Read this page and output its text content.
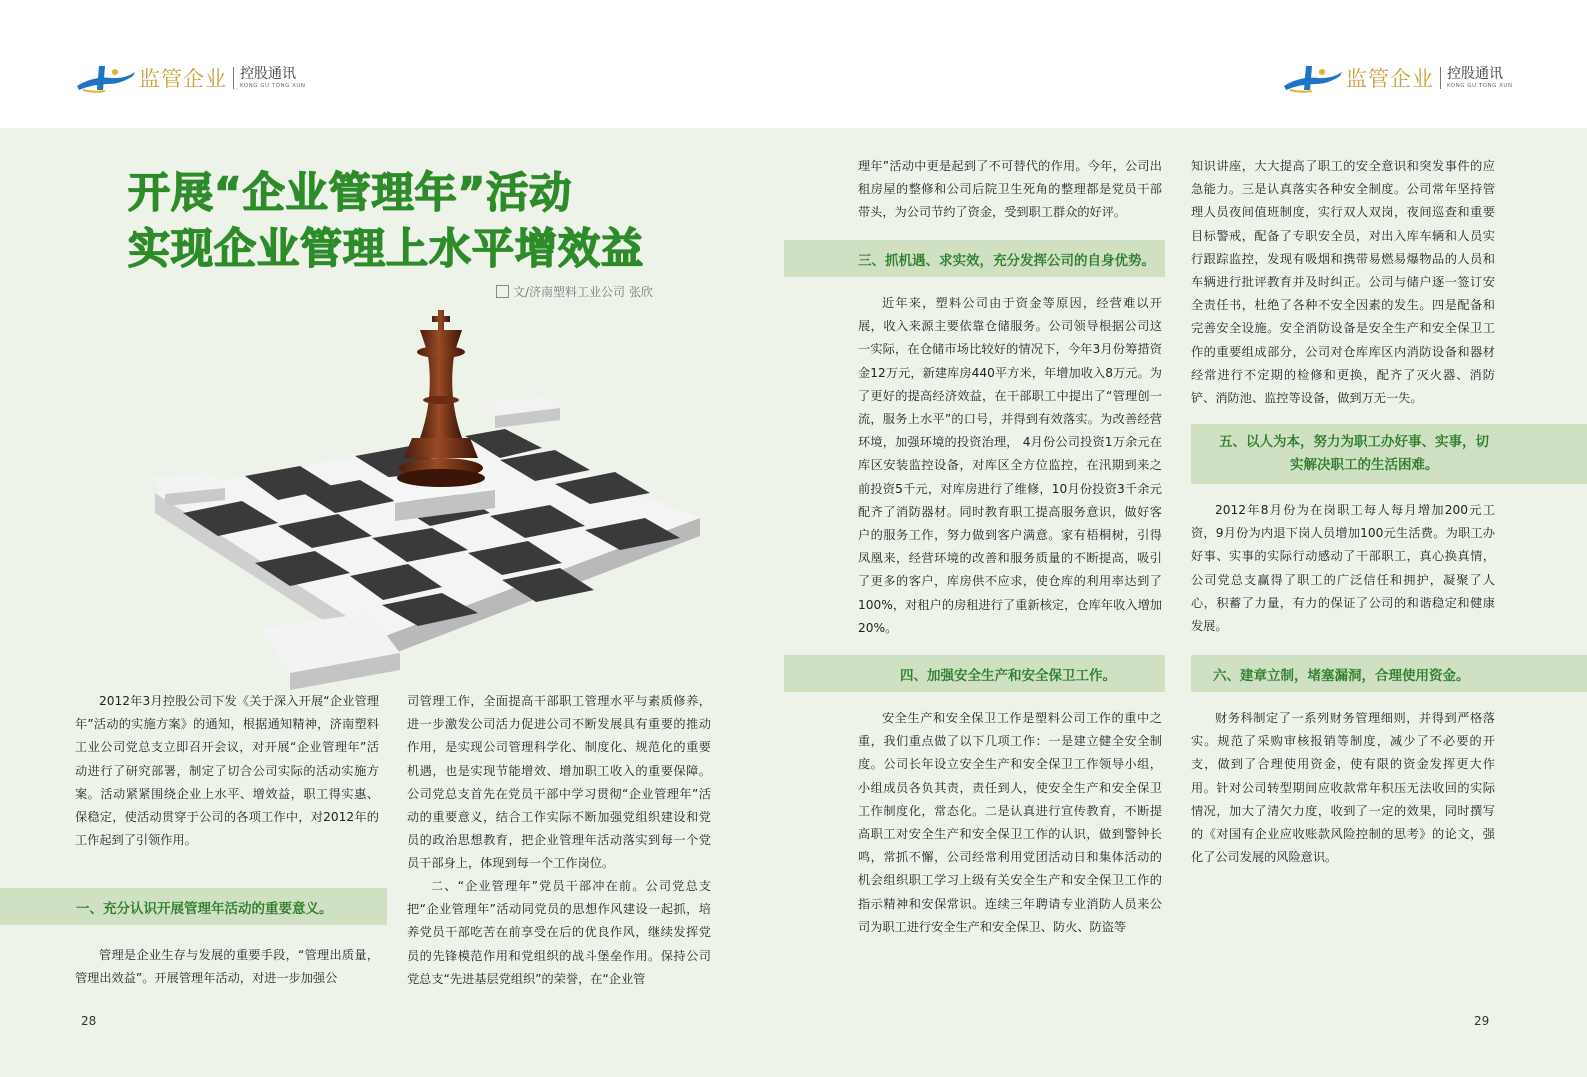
监管企业 控股通讯
KONG GU TONG XUN	监管企业 控股通讯
KONG GU TONG XUN
开展“企业管理年”活动
实现企业管理上水平增效益
文/济南塑料工业公司 张欣
2012年3月控股公司下发《关于深入开展“企业管理年”活动的实施方案》的通知，根据通知精神，济南塑料工业公司党总支立即召开会议，对开展“企业管理年”活动进行了研究部署，制定了切合公司实际的活动实施方案。活动紧紧围绕企业上水平、增效益，职工得实惠、保稳定，使活动贯穿于公司的各项工作中，对2012年的工作起到了引领作用。
一、充分认识开展管理年活动的重要意义。
管理是企业生存与发展的重要手段，“管理出质量，管理出效益”。开展管理年活动，对进一步加强公
司管理工作，全面提高干部职工管理水平与素质修养，进一步激发公司活力促进公司不断发展具有重要的推动作用，是实现公司管理科学化、制度化、规范化的重要机遇，也是实现节能增效、增加职工收入的重要保障。公司党总支首先在党员干部中学习贯彻“企业管理年”活动的重要意义，结合工作实际不断加强党组织建设和党员的政治思想教育，把企业管理年活动落实到每一个党员干部身上，体现到每一个工作岗位。
二、“企业管理年”党员干部冲在前。公司党总支把“企业管理年”活动同党员的思想作风建设一起抓，培养党员干部吃苦在前享受在后的优良作风，继续发挥党员的先锋模范作用和党组织的战斗堡垒作用。保持公司党总支“先进基层党组织”的荣誉，在“企业管
28
理年”活动中更是起到了不可替代的作用。今年，公司出租房屋的整修和公司后院卫生死角的整理都是党员干部带头，为公司节约了资金，受到职工群众的好评。
三、抓机遇、求实效，充分发挥公司的自身优势。
近年来，塑料公司由于资金等原因，经营难以开展，收入来源主要依靠仓储服务。公司领导根据公司这一实际，在仓储市场比较好的情况下，今年3月份筹措资金12万元，新建库房440平方米，年增加收入8万元。为了更好的提高经济效益，在干部职工中提出了“管理创一流，服务上水平”的口号，并得到有效落实。为改善经营环境，加强环境的投资治理， 4月份公司投资1万余元在库区安装监控设备，对库区全方位监控，在汛期到来之前投资5千元，对库房进行了维修，10月份投资3千余元配齐了消防器材。同时教育职工提高服务意识，做好客户的服务工作，努力做到客户满意。家有梧桐树，引得凤凰来，经营环境的改善和服务质量的不断提高，吸引了更多的客户，库房供不应求，使仓库的利用率达到了100%，对租户的房租进行了重新核定，仓库年收入增加20%。
四、加强安全生产和安全保卫工作。
安全生产和安全保卫工作是塑料公司工作的重中之重，我们重点做了以下几项工作：一是建立健全安全制度。公司长年设立安全生产和安全保卫工作领导小组，小组成员各负其责，责任到人，使安全生产和安全保卫工作制度化，常态化。二是认真进行宣传教育，不断提高职工对安全生产和安全保卫工作的认识，做到警钟长鸣，常抓不懈，公司经常利用党团活动日和集体活动的机会组织职工学习上级有关安全生产和安全保卫工作的指示精神和安保常识。连续三年聘请专业消防人员来公司为职工进行安全生产和安全保卫、防火、防盗等
知识讲座，大大提高了职工的安全意识和突发事件的应急能力。三是认真落实各种安全制度。公司常年坚持管理人员夜间值班制度，实行双人双岗，夜间巡查和重要目标警戒，配备了专职安全员，对出入库车辆和人员实行跟踪监控，发现有吸烟和携带易燃易爆物品的人员和车辆进行批评教育并及时纠正。公司与储户逐一签订安全责任书，杜绝了各种不安全因素的发生。四是配备和完善安全设施。安全消防设备是安全生产和安全保卫工作的重要组成部分，公司对仓库库区内消防设备和器材经常进行不定期的检修和更换，配齐了灭火器、消防铲、消防池、监控等设备，做到万无一失。
五、以人为本，努力为职工办好事、实事，切
实解决职工的生活困难。
2012年8月份为在岗职工每人每月增加200元工资，9月份为内退下岗人员增加100元生活费。为职工办好事、实事的实际行动感动了干部职工，真心换真情，公司党总支赢得了职工的广泛信任和拥护，凝聚了人心，积蓄了力量，有力的保证了公司的和谐稳定和健康发展。
六、建章立制，堵塞漏洞，合理使用资金。
财务科制定了一系列财务管理细则，并得到严格落实。规范了采购审核报销等制度，减少了不必要的开支，做到了合理使用资金，使有限的资金发挥更大作用。针对公司转型期间应收款常年积压无法收回的实际情况，加大了清欠力度，收到了一定的效果，同时撰写的《对国有企业应收账款风险控制的思考》的论文，强化了公司发展的风险意识。
29
